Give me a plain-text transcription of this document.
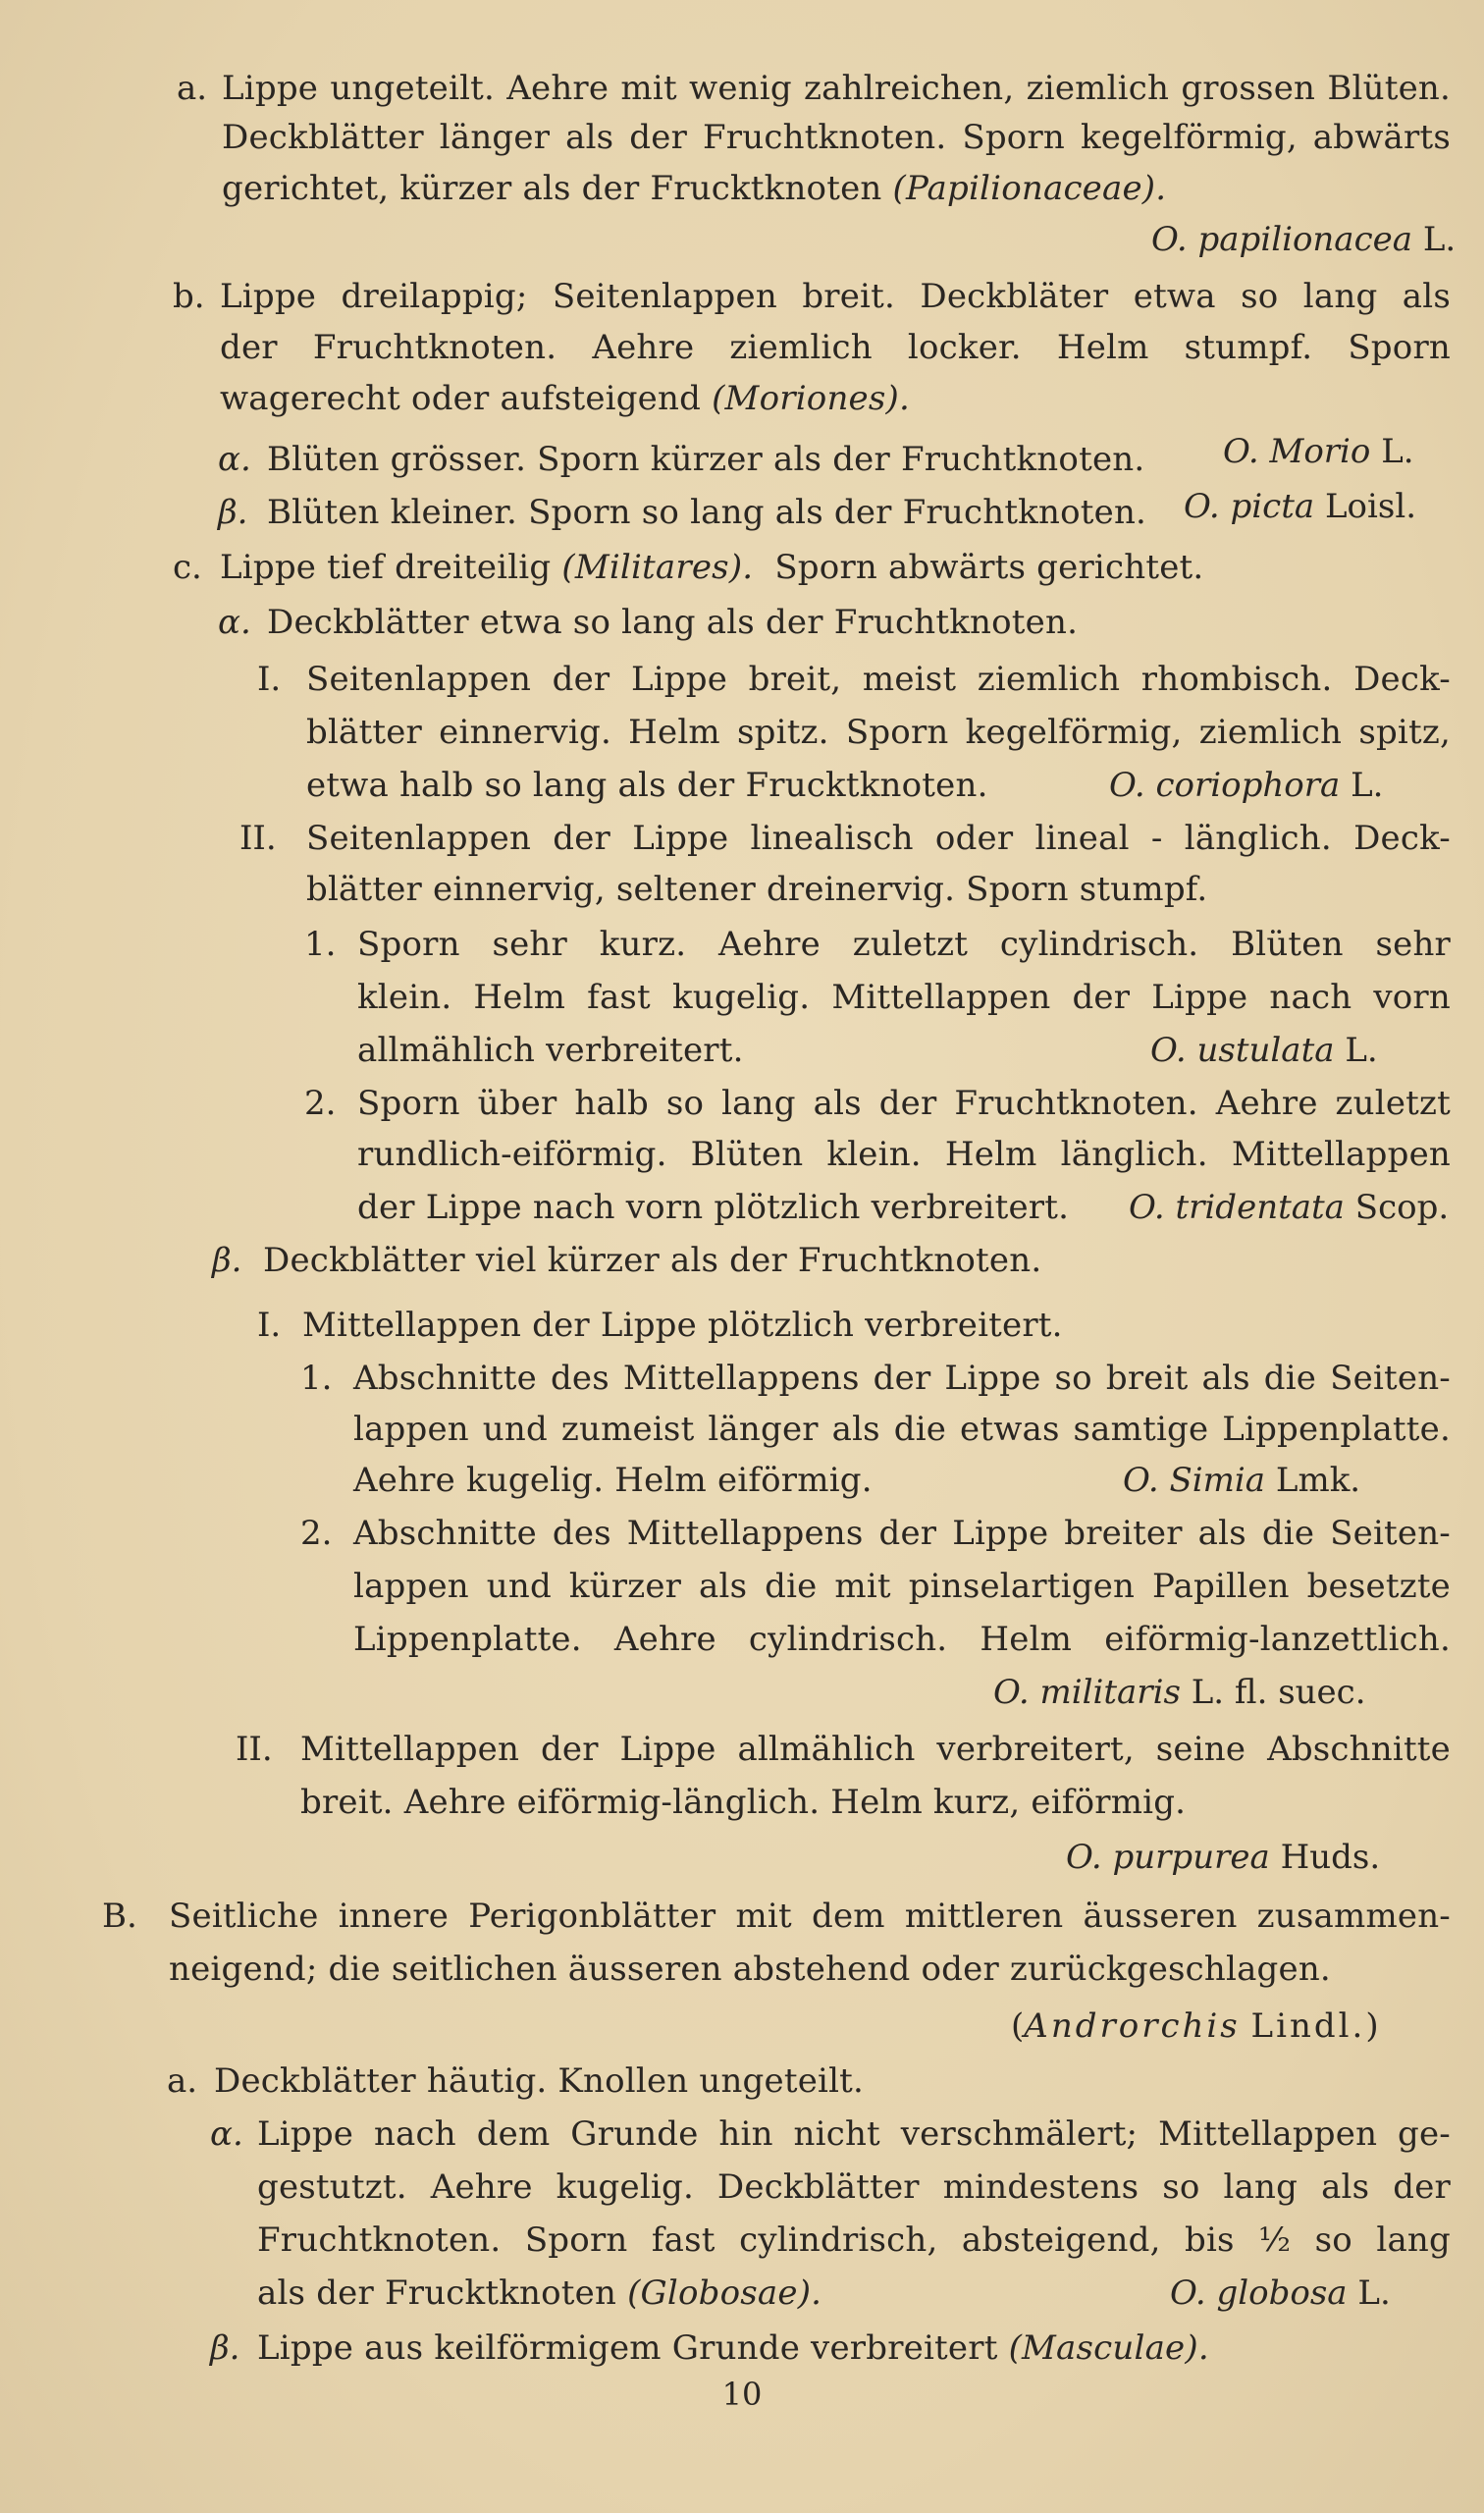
a. Lippe ungeteilt. Aehre mit wenig zahlreichen, ziemlich grossen Blüten.
Deckblätter länger als der Fruchtknoten. Sporn kegelförmig, abwärts
gerichtet, kürzer als der Frucktknoten (Papilionaceae).
O. papilionacea L.
b. Lippe dreilappig; Seitenlappen breit. Deckbläter etwa so lang als
der Fruchtknoten. Aehre ziemlich locker. Helm stumpf. Sporn
wagerecht oder aufsteigend (Moriones).
α. Blüten grösser. Sporn kürzer als der Fruchtknoten. O. Morio L.
β. Blüten kleiner. Sporn so lang als der Fruchtknoten. O. picta Loisl.
c. Lippe tief dreiteilig (Militares). Sporn abwärts gerichtet.
α. Deckblätter etwa so lang als der Fruchtknoten.
I. Seitenlappen der Lippe breit, meist ziemlich rhombisch. Deck-
blätter einnervig. Helm spitz. Sporn kegelförmig, ziemlich spitz,
etwa halb so lang als der Frucktknoten.	O. coriophora L.
II. Seitenlappen der Lippe linealisch oder lineal - länglich. Deck-
blätter einnervig, seltener dreinervig. Sporn stumpf.
1. Sporn sehr kurz. Aehre zuletzt cylindrisch. Blüten sehr
klein. Helm fast kugelig. Mittellappen der Lippe nach vorn
allmählich verbreitert.	O. ustulata L.
2. Sporn über halb so lang als der Fruchtknoten. Aehre zuletzt
rundlich-eiförmig. Blüten klein. Helm länglich. Mittellappen
der Lippe nach vorn plötzlich verbreitert. O. tridentata Scop.
β. Deckblätter viel kürzer als der Fruchtknoten.
I. Mittellappen der Lippe plötzlich verbreitert.
1. Abschnitte des Mittellappens der Lippe so breit als die Seiten-
lappen und zumeist länger als die etwas samtige Lippenplatte.
Aehre kugelig. Helm eiförmig.	O. Simia Lmk.
2. Abschnitte des Mittellappens der Lippe breiter als die Seiten-
lappen und kürzer als die mit pinselartigen Papillen besetzte
Lippenplatte. Aehre cylindrisch. Helm eiförmig-lanzettlich.
O. militaris L. fl. suec.
II. Mittellappen der Lippe allmählich verbreitert, seine Abschnitte
breit. Aehre eiförmig-länglich. Helm kurz, eiförmig.
O. purpurea Huds.
B. Seitliche innere Perigonblätter mit dem mittleren äusseren zusammen-
neigend; die seitlichen äusseren abstehend oder zurückgeschlagen.
(Androrchis Lindl.)
a. Deckblätter häutig. Knollen ungeteilt.
α. Lippe nach dem Grunde hin nicht verschmälert; Mittellappen ge-
gestutzt. Aehre kugelig. Deckblätter mindestens so lang als der
Fruchtknoten. Sporn fast cylindrisch, absteigend, bis ½ so lang
als der Frucktknoten (Globosae).	O. globosa L.
β. Lippe aus keilförmigem Grunde verbreitert (Masculae).
10
